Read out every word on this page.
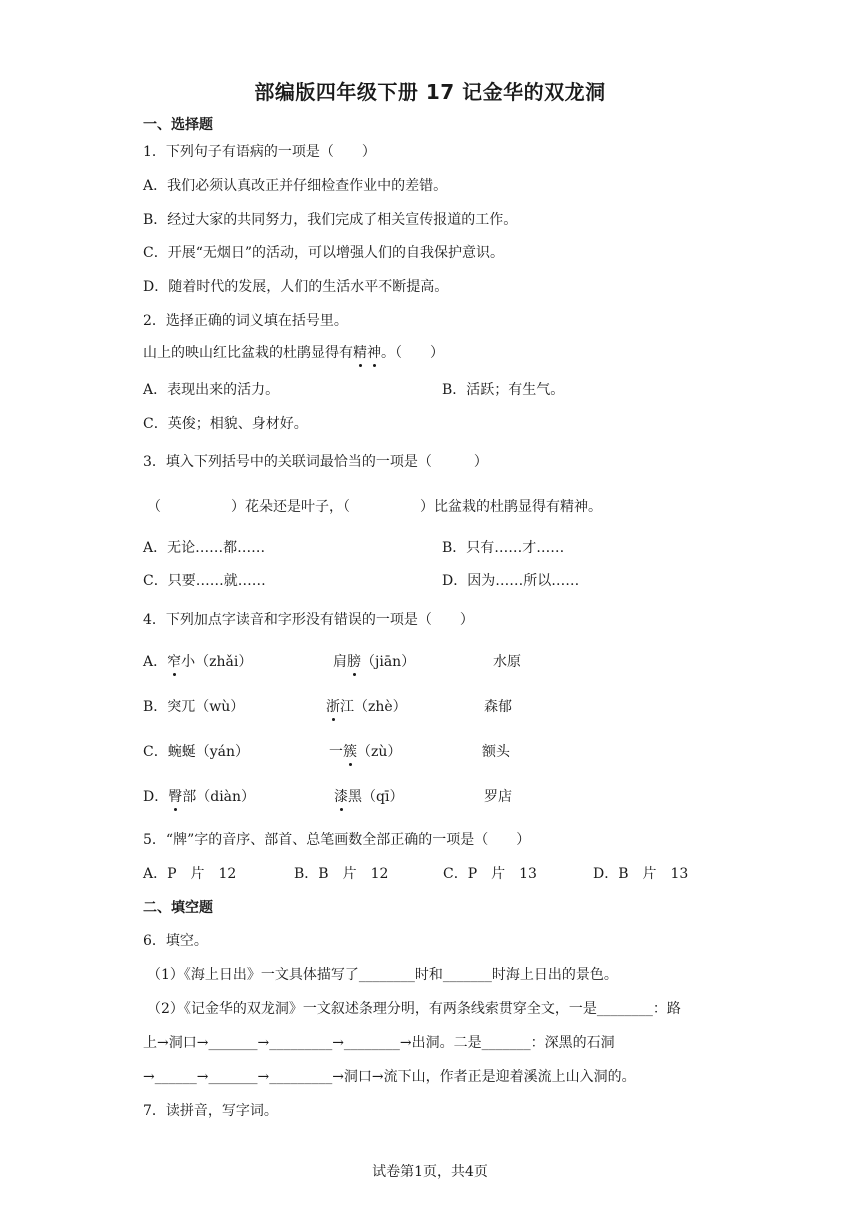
部编版四年级下册 17 记金华的双龙洞
一、选择题
1．下列句子有语病的一项是（　　）
A．我们必须认真改正并仔细检查作业中的差错。
B．经过大家的共同努力，我们完成了相关宣传报道的工作。
C．开展“无烟日”的活动，可以增强人们的自我保护意识。
D．随着时代的发展，人们的生活水平不断提高。
2．选择正确的词义填在括号里。
山上的映山红比盆栽的杜鹃显得有精神。（　　）
A．表现出来的活力。	B．活跃；有生气。
C．英俊；相貌、身材好。
3．填入下列括号中的关联词最恰当的一项是（　　　）
（　　　　　）花朵还是叶子，（　　　　　）比盆栽的杜鹃显得有精神。
A．无论……都……	B．只有……才……
C．只要……就……	D．因为……所以……
4．下列加点字读音和字形没有错误的一项是（　　）
A．窄小（zhǎi）	肩膀（jiān）	水原
B．突兀（wù）	浙江（zhè）	森郁
C．蜿蜒（yán）	一簇（zù）	额头
D．臀部（diàn）	漆黑（qī）	罗店
5．“牌”字的音序、部首、总笔画数全部正确的一项是（　　）
A．P　片　12	B．B　片　12	C．P　片　13	D．B　片　13
二、填空题
6．填空。
（1）《海上日出》一文具体描写了________时和_______时海上日出的景色。
（2）《记金华的双龙洞》一文叙述条理分明，有两条线索贯穿全文，一是________：路
上→洞口→_______→_________→________→出洞。二是_______：深黑的石洞
→______→_______→_________→洞口→流下山，作者正是迎着溪流上山入洞的。
7．读拼音，写字词。
试卷第1页，共4页
